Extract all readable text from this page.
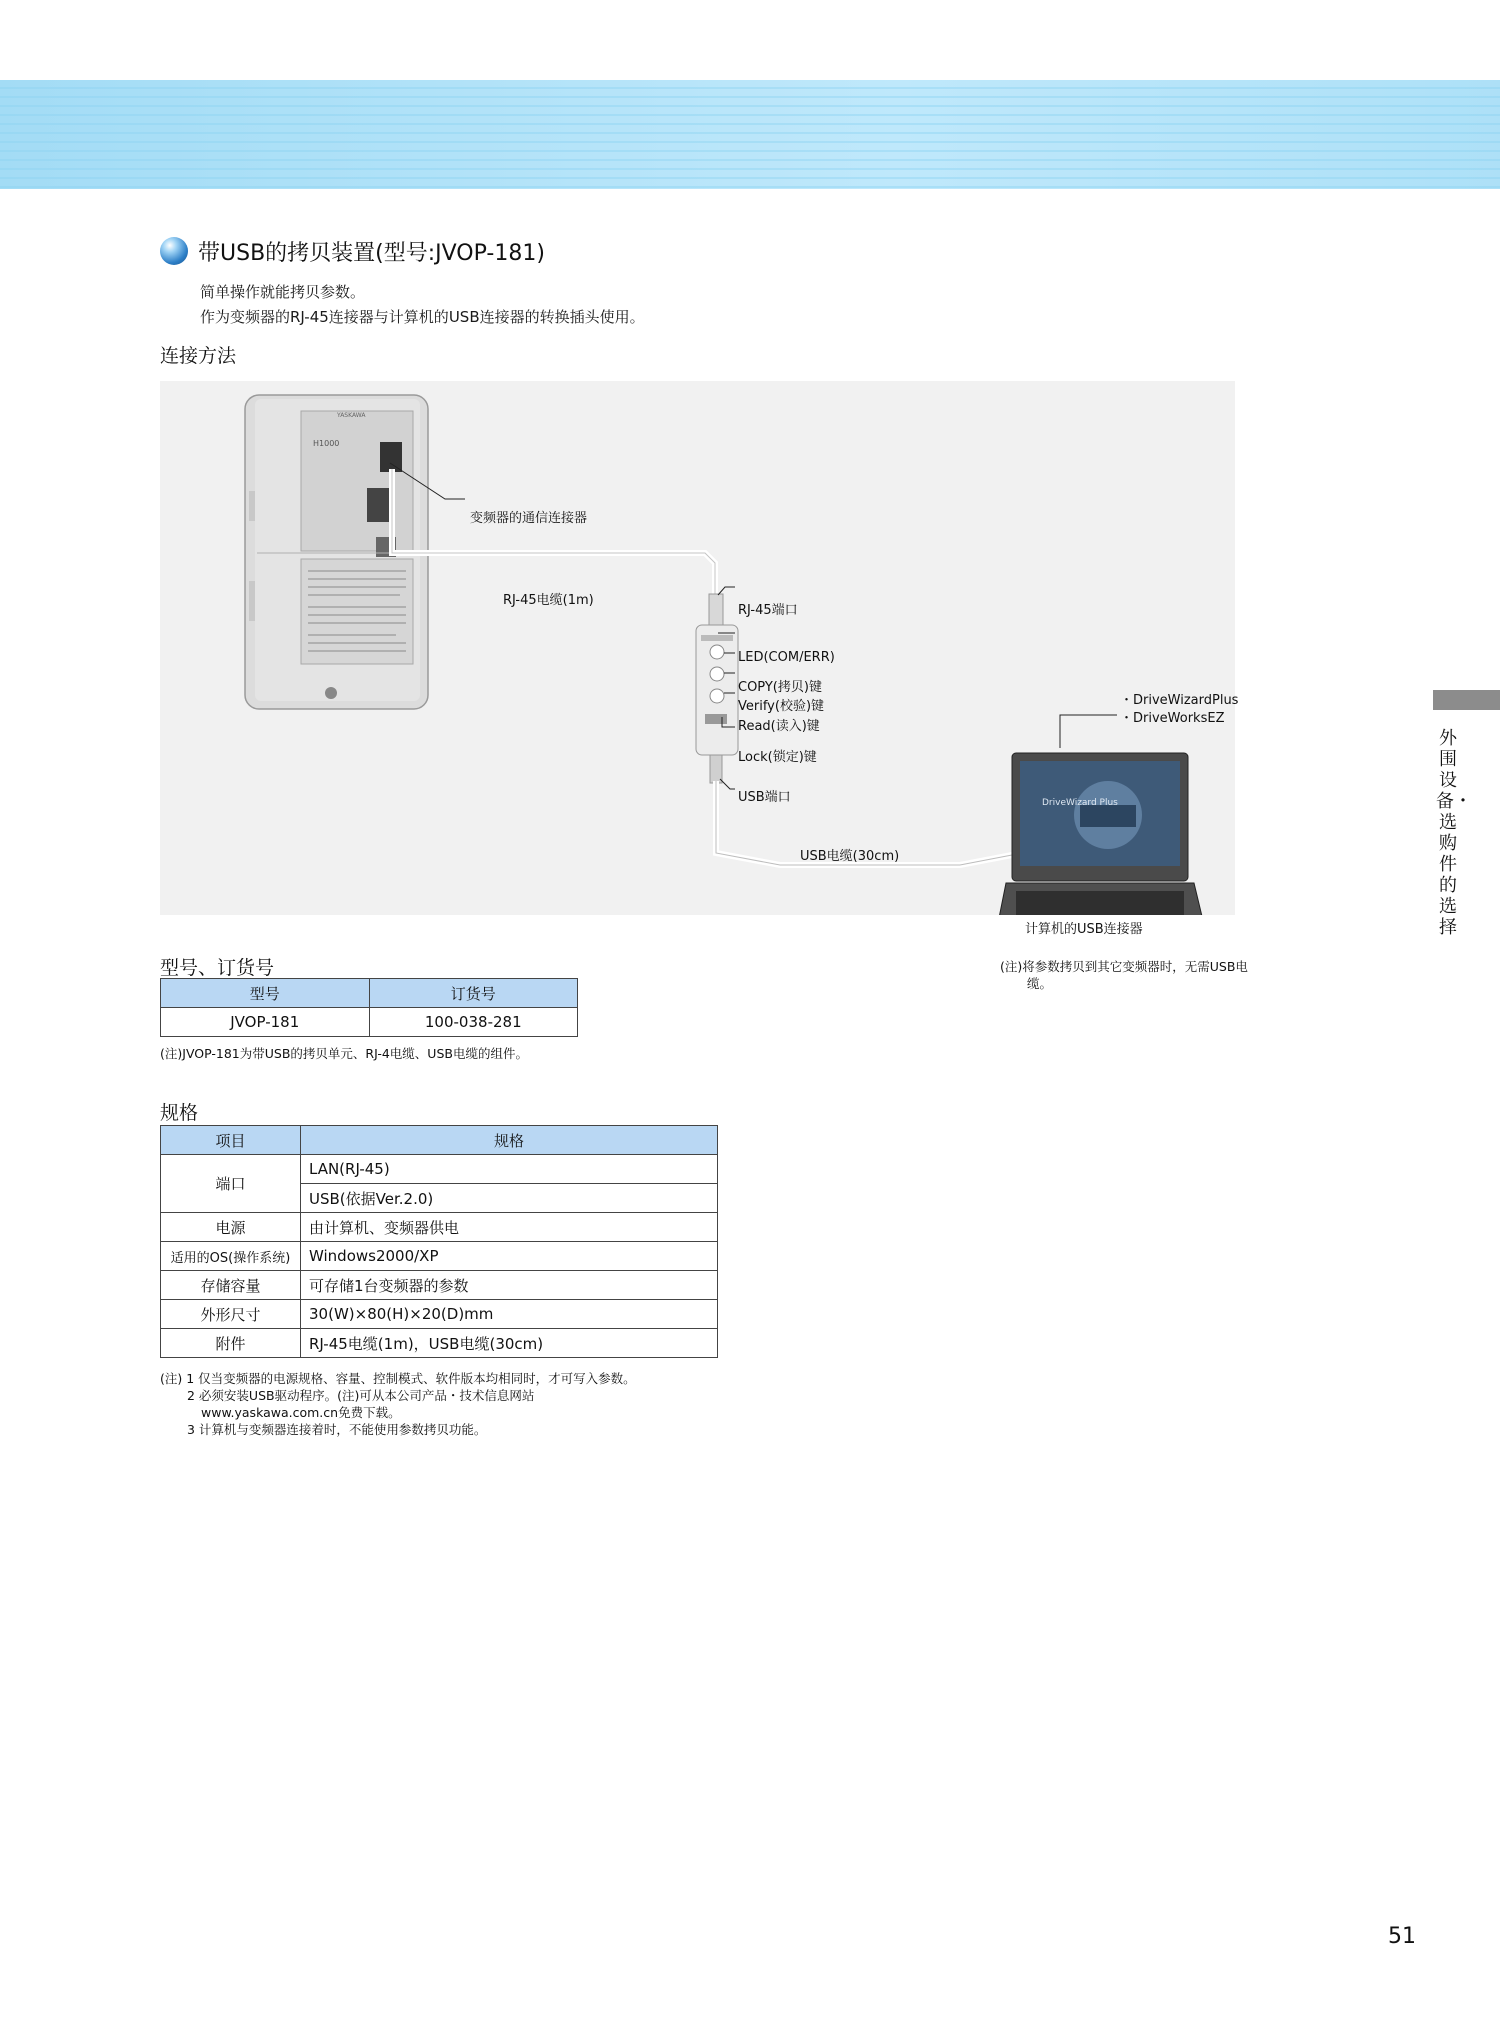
带USB的拷贝装置(型号:JVOP-181)
简单操作就能拷贝参数。
作为变频器的RJ-45连接器与计算机的USB连接器的转换插头使用。
连接方法
变频器的通信连接器
RJ-45电缆(1m)
RJ-45端口
LED(COM/ERR)
COPY(拷贝)键
Verify(校验)键
Read(读入)键
Lock(锁定)键
USB端口
USB电缆(30cm)
・DriveWizardPlus
・DriveWorksEZ
DriveWizard Plus
YASKAWA
H1000
计算机的USB连接器
(注)将参数拷贝到其它变频器时，无需USB电
缆。
型号、订货号
型号	订货号
JVOP-181	100-038-281
(注)JVOP-181为带USB的拷贝单元、RJ-4电缆、USB电缆的组件。
规格
项目	规格
端口	LAN(RJ-45)
	USB(依据Ver.2.0)
电源	由计算机、变频器供电
适用的OS(操作系统)	Windows2000/XP
存储容量	可存储1台变频器的参数
外形尺寸	30(W)×80(H)×20(D)mm
附件	RJ-45电缆(1m)，USB电缆(30cm)
(注) 1 仅当变频器的电源规格、容量、控制模式、软件版本均相同时，才可写入参数。
2 必须安装USB驱动程序。(注)可从本公司产品・技术信息网站
www.yaskawa.com.cn免费下载。
3 计算机与变频器连接着时，不能使用参数拷贝功能。
外围设备・选购件的选择
51
